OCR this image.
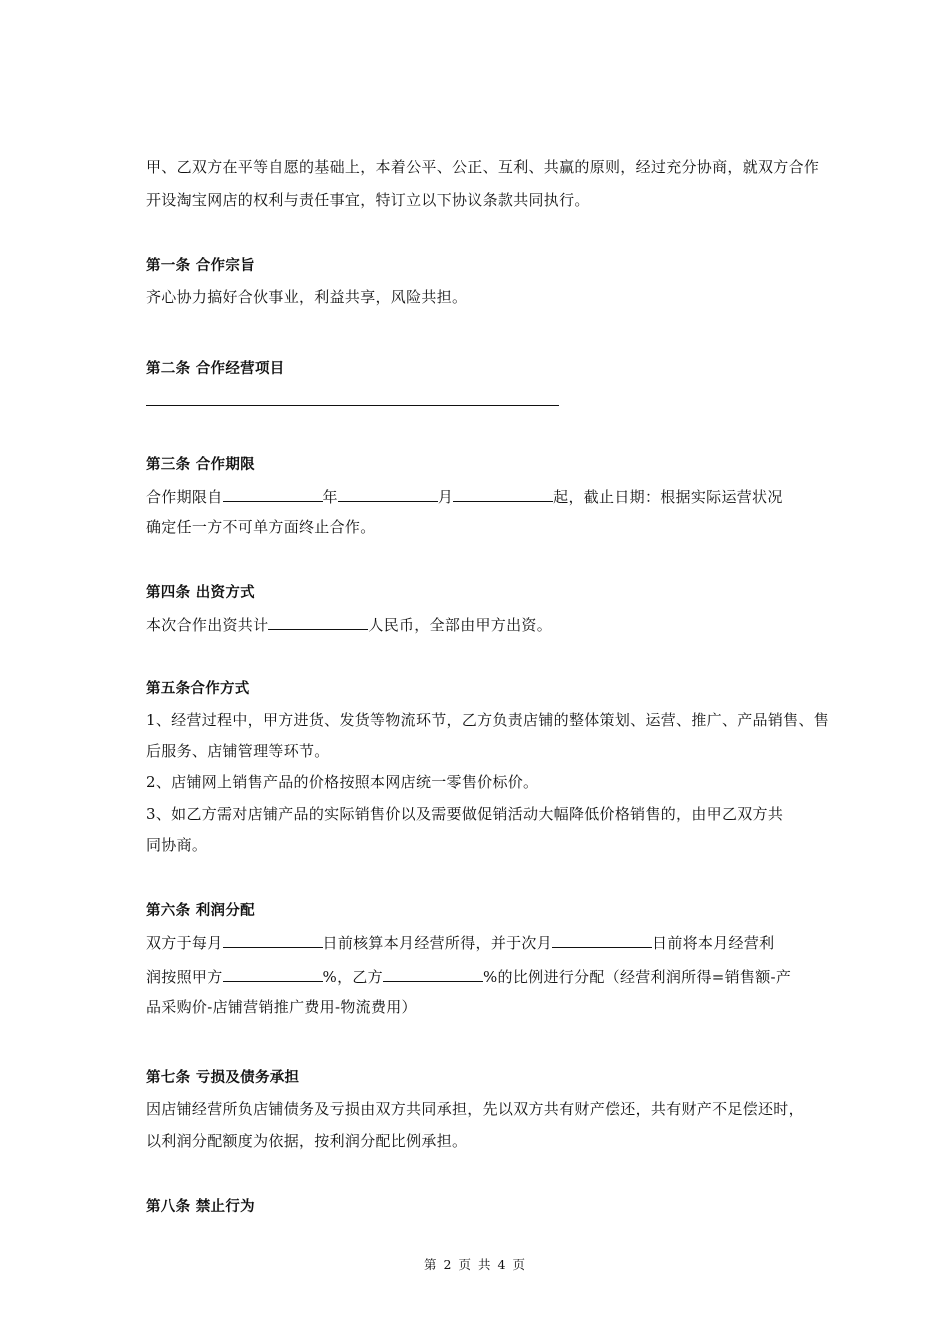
甲、乙双方在平等自愿的基础上，本着公平、公正、互利、共赢的原则，经过充分协商，就双方合作
开设淘宝网店的权利与责任事宜，特订立以下协议条款共同执行。
第一条 合作宗旨
齐心协力搞好合伙事业，利益共享，风险共担。
第二条 合作经营项目
第三条 合作期限
合作期限自	年	月	起，截止日期：根据实际运营状况
确定任一方不可单方面终止合作。
第四条 出资方式
本次合作出资共计	人民币，全部由甲方出资。
第五条合作方式
1、经营过程中，甲方进货、发货等物流环节，乙方负责店铺的整体策划、运营、推广、产品销售、售
后服务、店铺管理等环节。
2、店铺网上销售产品的价格按照本网店统一零售价标价。
3、如乙方需对店铺产品的实际销售价以及需要做促销活动大幅降低价格销售的，由甲乙双方共
同协商。
第六条 利润分配
双方于每月	日前核算本月经营所得，并于次月	日前将本月经营利
润按照甲方	%，乙方	%的比例进行分配（经营利润所得=销售额-产
品采购价-店铺营销推广费用-物流费用）
第七条 亏损及债务承担
因店铺经营所负店铺债务及亏损由双方共同承担，先以双方共有财产偿还，共有财产不足偿还时，
以利润分配额度为依据，按利润分配比例承担。
第八条 禁止行为
第 2 页 共 4 页
